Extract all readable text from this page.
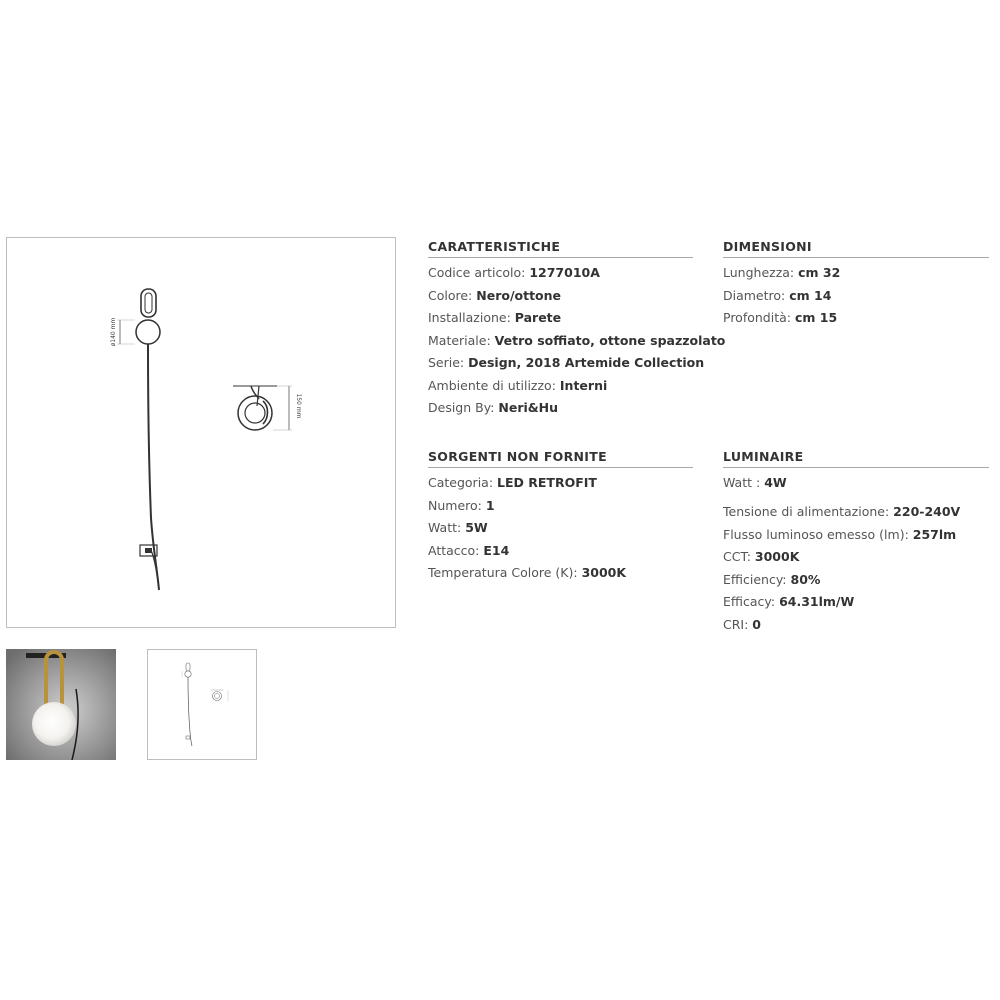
ø140 mm
150 mm
CARATTERISTICHE
Codice articolo: 1277010A
Colore: Nero/ottone
Installazione: Parete
Materiale: Vetro soffiato, ottone spazzolato
Serie: Design, 2018 Artemide Collection
Ambiente di utilizzo: Interni
Design By: Neri&Hu
DIMENSIONI
Lunghezza: cm 32
Diametro: cm 14
Profondità: cm 15
SORGENTI NON FORNITE
Categoria: LED RETROFIT
Numero: 1
Watt: 5W
Attacco: E14
Temperatura Colore (K): 3000K
LUMINAIRE
Watt : 4W
Tensione di alimentazione: 220-240V
Flusso luminoso emesso (lm): 257lm
CCT: 3000K
Efficiency: 80%
Efficacy: 64.31lm/W
CRI: 0
